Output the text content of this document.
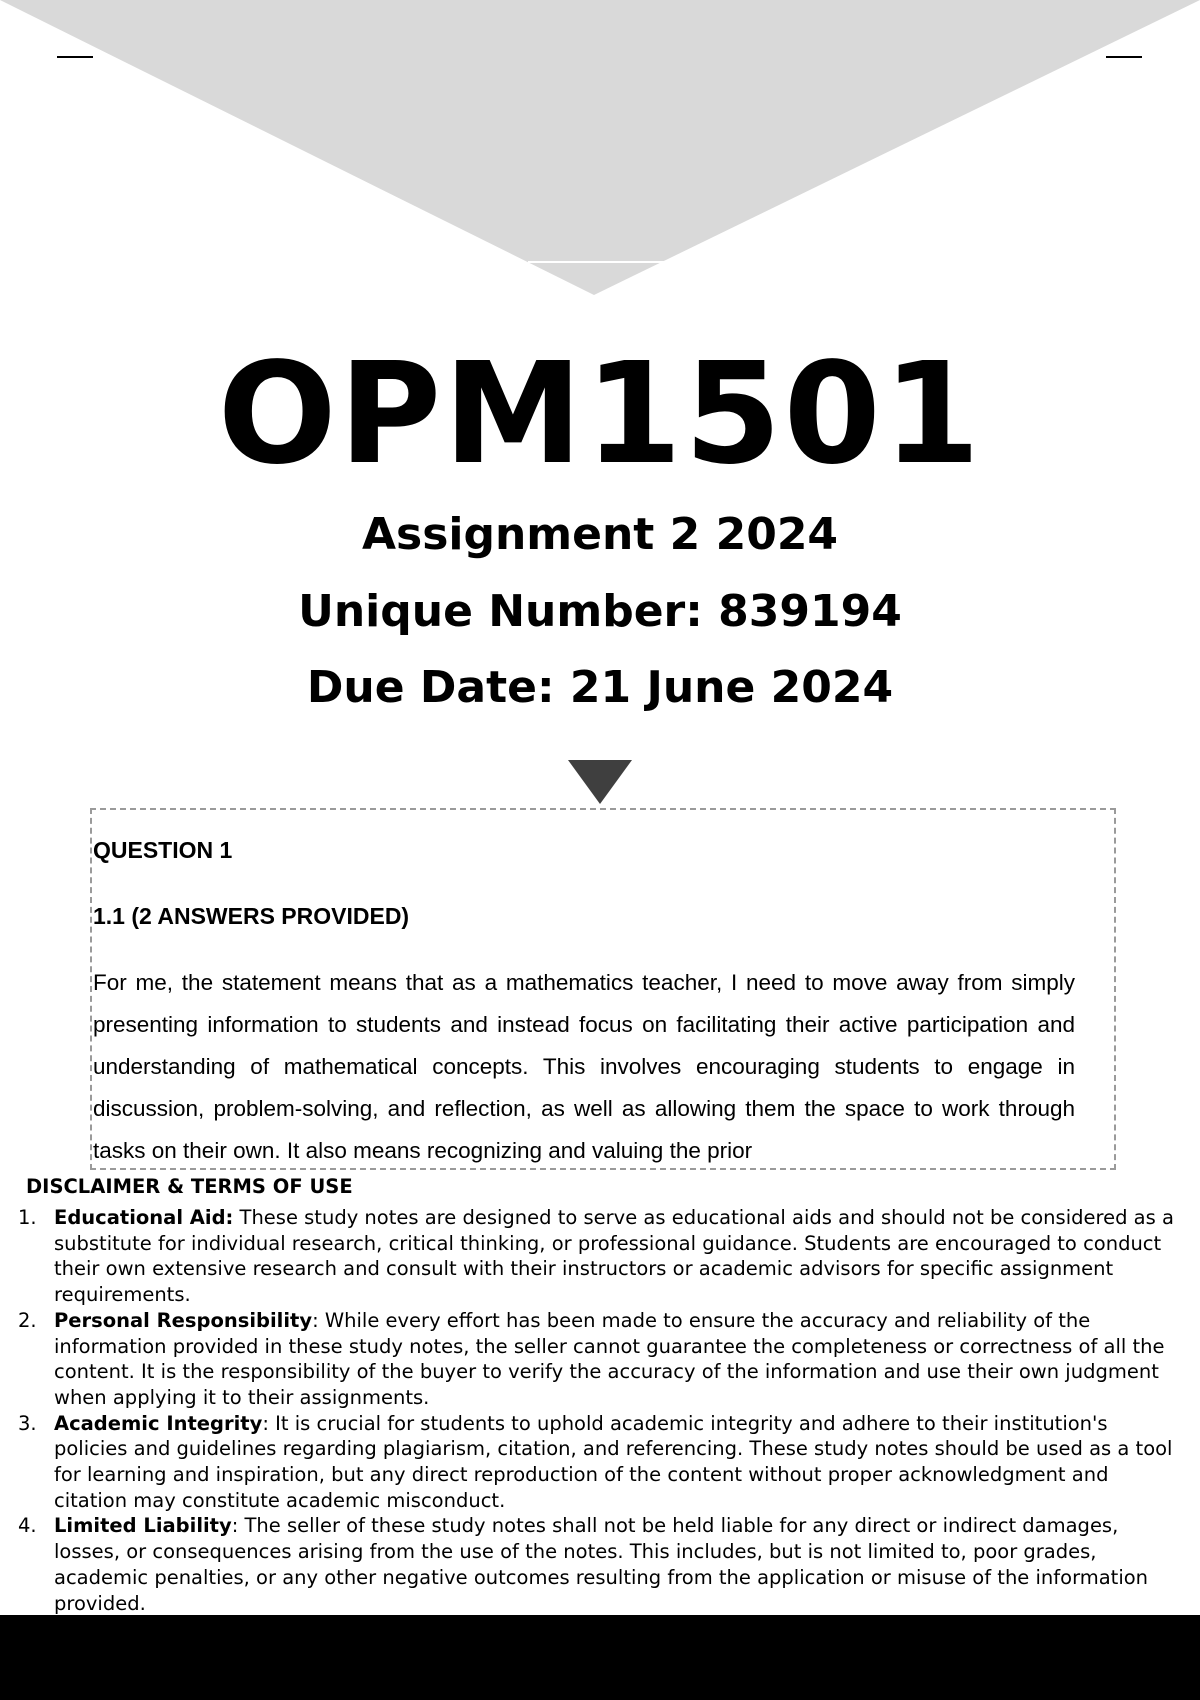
OPM1501
Assignment 2 2024
Unique Number: 839194
Due Date: 21 June 2024
QUESTION 1
1.1 (2 ANSWERS PROVIDED)
For me, the statement means that as a mathematics teacher, I need to move away from simply presenting information to students and instead focus on facilitating their active participation and understanding of mathematical concepts. This involves encouraging students to engage in discussion, problem-solving, and reflection, as well as allowing them the space to work through tasks on their own. It also means recognizing and valuing the prior
DISCLAIMER & TERMS OF USE
1. Educational Aid: These study notes are designed to serve as educational aids and should not be considered as a substitute for individual research, critical thinking, or professional guidance. Students are encouraged to conduct their own extensive research and consult with their instructors or academic advisors for specific assignment requirements.
2. Personal Responsibility: While every effort has been made to ensure the accuracy and reliability of the information provided in these study notes, the seller cannot guarantee the completeness or correctness of all the content. It is the responsibility of the buyer to verify the accuracy of the information and use their own judgment when applying it to their assignments.
3. Academic Integrity: It is crucial for students to uphold academic integrity and adhere to their institution's policies and guidelines regarding plagiarism, citation, and referencing. These study notes should be used as a tool for learning and inspiration, but any direct reproduction of the content without proper acknowledgment and citation may constitute academic misconduct.
4. Limited Liability: The seller of these study notes shall not be held liable for any direct or indirect damages, losses, or consequences arising from the use of the notes. This includes, but is not limited to, poor grades, academic penalties, or any other negative outcomes resulting from the application or misuse of the information provided.
